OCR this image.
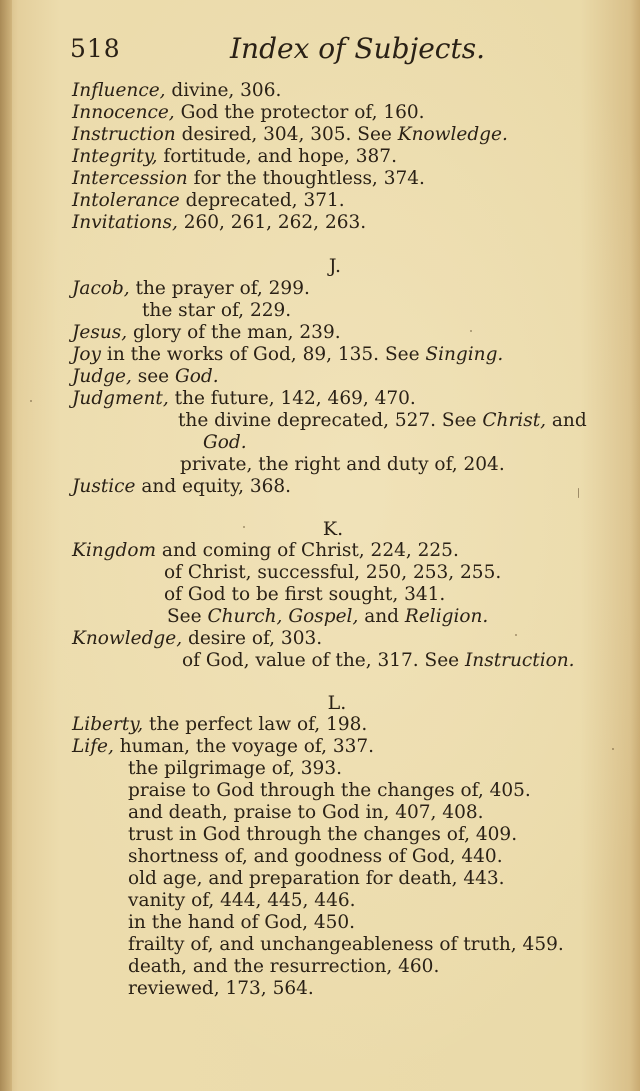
518	Index of Subjects.
Influence, divine, 306.
Innocence, God the protector of, 160.
Instruction desired, 304, 305. See Knowledge.
Integrity, fortitude, and hope, 387.
Intercession for the thoughtless, 374.
Intolerance deprecated, 371.
Invitations, 260, 261, 262, 263.
J.
Jacob, the prayer of, 299.
the star of, 229.
Jesus, glory of the man, 239.
Joy in the works of God, 89, 135. See Singing.
Judge, see God.
Judgment, the future, 142, 469, 470.
the divine deprecated, 527. See Christ, and
God.
private, the right and duty of, 204.
Justice and equity, 368.
K.
Kingdom and coming of Christ, 224, 225.
of Christ, successful, 250, 253, 255.
of God to be first sought, 341.
See Church, Gospel, and Religion.
Knowledge, desire of, 303.
of God, value of the, 317. See Instruction.
L.
Liberty, the perfect law of, 198.
Life, human, the voyage of, 337.
the pilgrimage of, 393.
praise to God through the changes of, 405.
and death, praise to God in, 407, 408.
trust in God through the changes of, 409.
shortness of, and goodness of God, 440.
old age, and preparation for death, 443.
vanity of, 444, 445, 446.
in the hand of God, 450.
frailty of, and unchangeableness of truth, 459.
death, and the resurrection, 460.
reviewed, 173, 564.
